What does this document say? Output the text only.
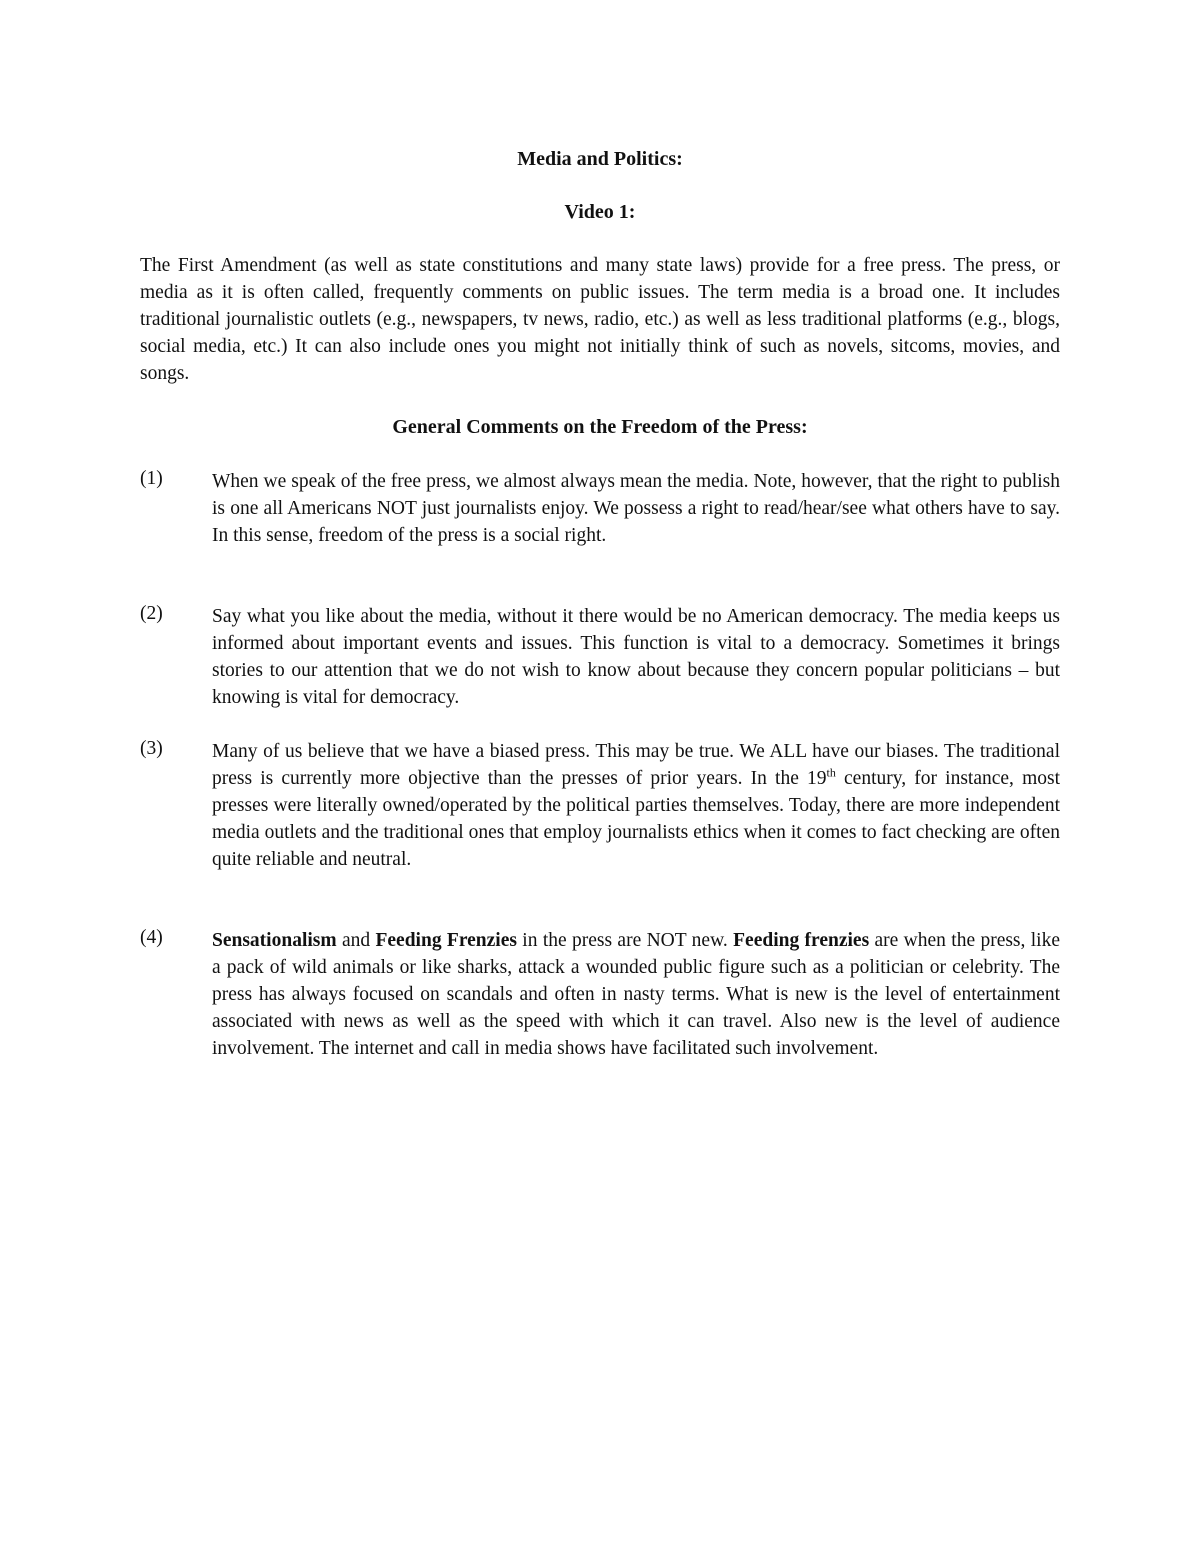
Media and Politics:
Video 1:

The First Amendment (as well as state constitutions and many state laws) provide for a free press. The press, or media as it is often called, frequently comments on public issues. The term media is a broad one. It includes traditional journalistic outlets (e.g., newspapers, tv news, radio, etc.) as well as less traditional platforms (e.g., blogs, social media, etc.) It can also include ones you might not initially think of such as novels, sitcoms, movies, and songs.

General Comments on the Freedom of the Press:
(1)	When we speak of the free press, we almost always mean the media. Note, however, that the right to publish is one all Americans NOT just journalists enjoy. We possess a right to read/hear/see what others have to say. In this sense, freedom of the press is a social right.
(2)	Say what you like about the media, without it there would be no American democracy. The media keeps us informed about important events and issues. This function is vital to a democracy. Sometimes it brings stories to our attention that we do not wish to know about because they concern popular politicians – but knowing is vital for democracy.
(3)	Many of us believe that we have a biased press. This may be true. We ALL have our biases. The traditional press is currently more objective than the presses of prior years. In the 19th century, for instance, most presses were literally owned/operated by the political parties themselves. Today, there are more independent media outlets and the traditional ones that employ journalists ethics when it comes to fact checking are often quite reliable and neutral.
(4)	Sensationalism and Feeding Frenzies in the press are NOT new. Feeding frenzies are when the press, like a pack of wild animals or like sharks, attack a wounded public figure such as a politician or celebrity. The press has always focused on scandals and often in nasty terms. What is new is the level of entertainment associated with news as well as the speed with which it can travel. Also new is the level of audience involvement. The internet and call in media shows have facilitated such involvement.
